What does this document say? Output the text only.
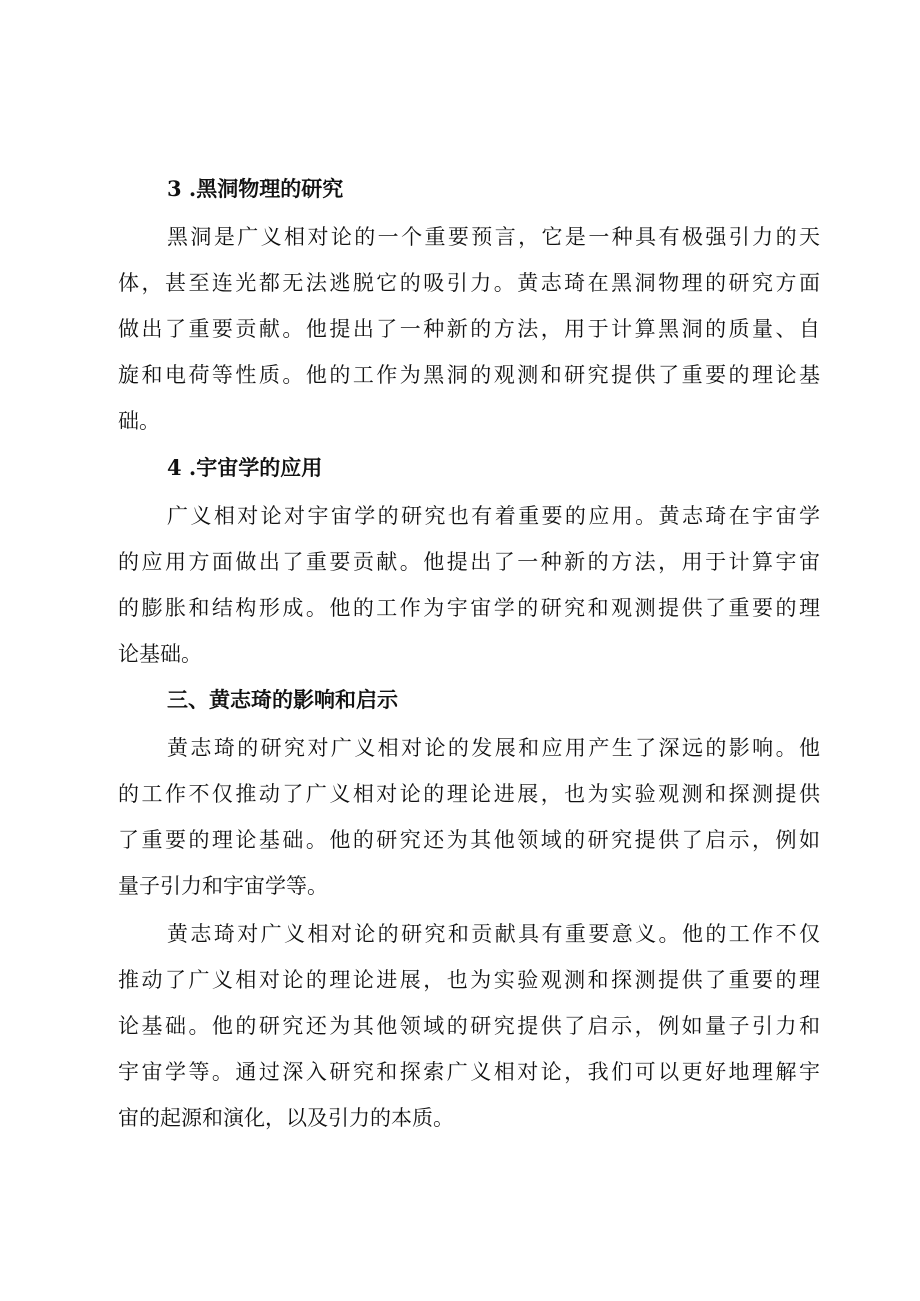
3 .黑洞物理的研究

黑洞是广义相对论的一个重要预言，它是一种具有极强引力的天

体，甚至连光都无法逃脱它的吸引力。黄志琦在黑洞物理的研究方面

做出了重要贡献。他提出了一种新的方法，用于计算黑洞的质量、自

旋和电荷等性质。他的工作为黑洞的观测和研究提供了重要的理论基

础。

4 .宇宙学的应用

广义相对论对宇宙学的研究也有着重要的应用。黄志琦在宇宙学

的应用方面做出了重要贡献。他提出了一种新的方法，用于计算宇宙

的膨胀和结构形成。他的工作为宇宙学的研究和观测提供了重要的理

论基础。

三、黄志琦的影响和启示

黄志琦的研究对广义相对论的发展和应用产生了深远的影响。他

的工作不仅推动了广义相对论的理论进展，也为实验观测和探测提供

了重要的理论基础。他的研究还为其他领域的研究提供了启示，例如

量子引力和宇宙学等。

黄志琦对广义相对论的研究和贡献具有重要意义。他的工作不仅

推动了广义相对论的理论进展，也为实验观测和探测提供了重要的理

论基础。他的研究还为其他领域的研究提供了启示，例如量子引力和

宇宙学等。通过深入研究和探索广义相对论，我们可以更好地理解宇

宙的起源和演化，以及引力的本质。
